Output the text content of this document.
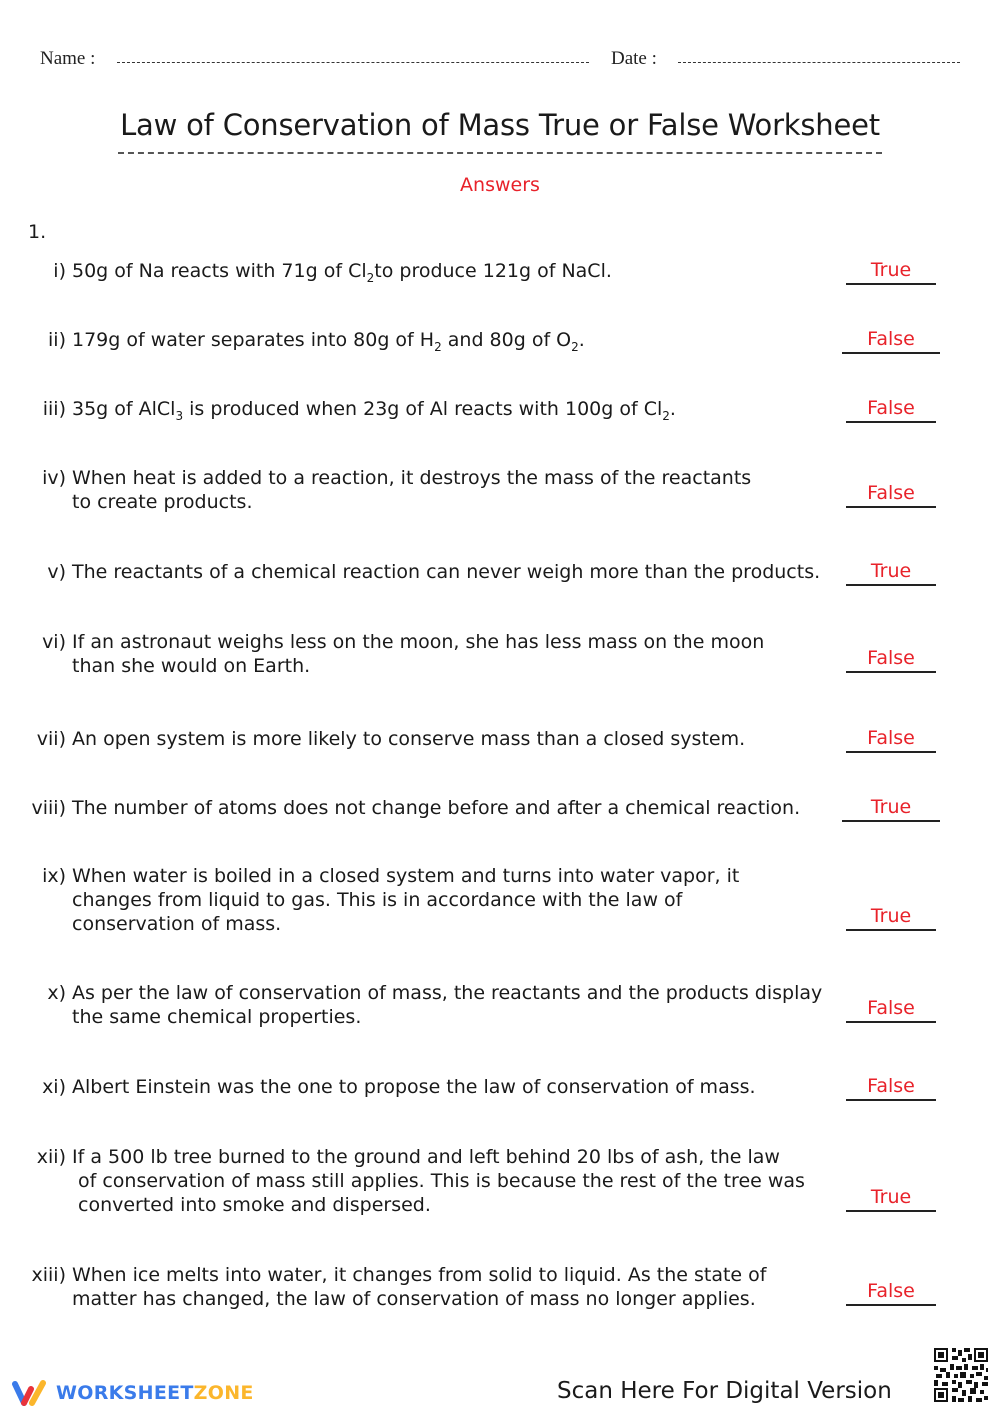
Name :	Date :
Law of Conservation of Mass True or False Worksheet
Answers
1.
i) 50g of Na reacts with 71g of $Cl_2to$ produce 121g of NaCl.	True
ii) 179g of water separates into 80g of $H_2$ and 80g of $O_2$.	False
iii) 35g of AlCl$_3$ is produced when 23g of Al reacts with 100g of $Cl_2$.	False
iv) When heat is added to a reaction, it destroys the mass of the reactants
to create products.	False
v) The reactants of a chemical reaction can never weigh more than the products.	True
vi) If an astronaut weighs less on the moon, she has less mass on the moon
than she would on Earth.	False
vii) An open system is more likely to conserve mass than a closed system.	False
viii) The number of atoms does not change before and after a chemical reaction.	True
ix) When water is boiled in a closed system and turns into water vapor, it
changes from liquid to gas. This is in accordance with the law of
conservation of mass.	True
x) As per the law of conservation of mass, the reactants and the products display
the same chemical properties.	False
xi) Albert Einstein was the one to propose the law of conservation of mass.	False
xii) If a 500 lb tree burned to the ground and left behind 20 lbs of ash, the law
of conservation of mass still applies. This is because the rest of the tree was
converted into smoke and dispersed.	True
xiii) When ice melts into water, it changes from solid to liquid. As the state of
matter has changed, the law of conservation of mass no longer applies.	False
WORKSHEETZONE	Scan Here For Digital Version
